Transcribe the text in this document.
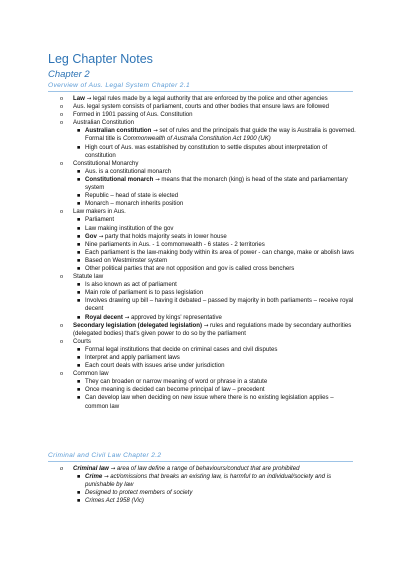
Leg Chapter Notes
Chapter 2
Overview of Aus. Legal System Chapter 2.1
o Law → legal rules made by a legal authority that are enforced by the police and other agencies
o Aus. legal system consists of parliament, courts and other bodies that ensure laws are followed
o Formed in 1901 passing of Aus. Constitution
o Australian Constitution
■ Australian constitution → set of rules and the principals that guide the way is Australia is governed. Formal title is Commonwealth of Australia Constitution Act 1900 (UK)
■ High court of Aus. was established by constitution to settle disputes about interpretation of constitution
o Constitutional Monarchy
■ Aus. is a constitutional monarch
■ Constitutional monarch → means that the monarch (king) is head of the state and parliamentary system
■ Republic – head of state is elected
■ Monarch – monarch inherits position
o Law makers in Aus.
■ Parliament
■ Law making institution of the gov
■ Gov → party that holds majority seats in lower house
■ Nine parliaments in Aus. - 1 commonwealth - 6 states - 2 territories
■ Each parliament is the law-making body within its area of power - can change, make or abolish laws
■ Based on Westminster system
■ Other political parties that are not opposition and gov is called cross benchers
o Statute law
■ Is also known as act of parliament
■ Main role of parliament is to pass legislation
■ Involves drawing up bill – having it debated – passed by majority in both parliaments – receive royal decent
■ Royal decent → approved by kings' representative
o Secondary legislation (delegated legislation) → rules and regulations made by secondary authorities (delegated bodies) that's given power to do so by the parliament
o Courts
■ Formal legal institutions that decide on criminal cases and civil disputes
■ Interpret and apply parliament laws
■ Each court deals with issues arise under jurisdiction
o Common law
■ They can broaden or narrow meaning of word or phrase in a statute
■ Once meaning is decided can become principal of law – precedent
■ Can develop law when deciding on new issue where there is no existing legislation applies – common law
Criminal and Civil Law Chapter 2.2
o Criminal law → area of law define a range of behaviours/conduct that are prohibited
■ Crime → act/omissions that breaks an existing law, is harmful to an individual/society and is punishable by law
■ Designed to protect members of society
■ Crimes Act 1958 (Vic)
